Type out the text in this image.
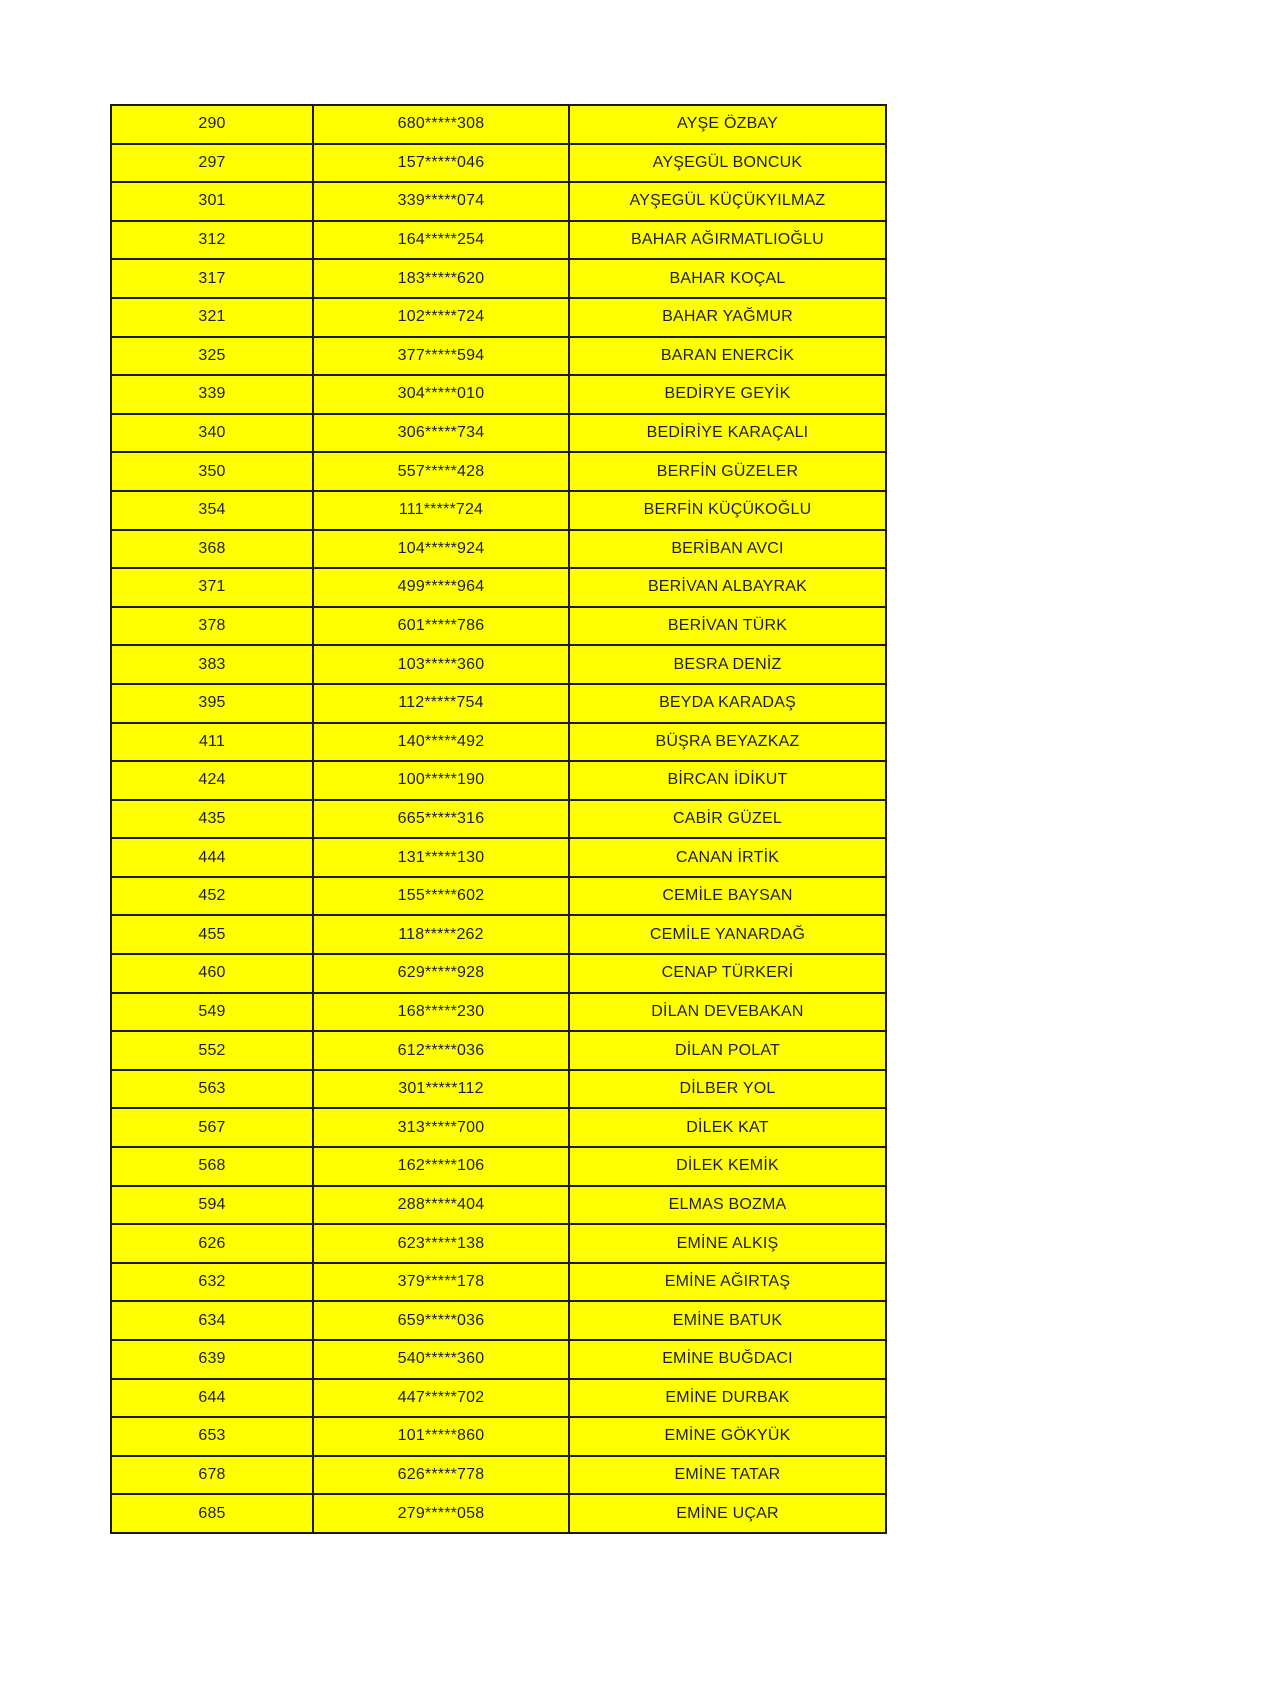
290	680*****308	AYŞE ÖZBAY
297	157*****046	AYŞEGÜL BONCUK
301	339*****074	AYŞEGÜL KÜÇÜKYILMAZ
312	164*****254	BAHAR AĞIRMATLIOĞLU
317	183*****620	BAHAR KOÇAL
321	102*****724	BAHAR YAĞMUR
325	377*****594	BARAN ENERCİK
339	304*****010	BEDİRYE GEYİK
340	306*****734	BEDİRİYE KARAÇALI
350	557*****428	BERFİN GÜZELER
354	111*****724	BERFİN KÜÇÜKOĞLU
368	104*****924	BERİBAN AVCI
371	499*****964	BERİVAN ALBAYRAK
378	601*****786	BERİVAN TÜRK
383	103*****360	BESRA DENİZ
395	112*****754	BEYDA KARADAŞ
411	140*****492	BÜŞRA BEYAZKAZ
424	100*****190	BİRCAN İDİKUT
435	665*****316	CABİR GÜZEL
444	131*****130	CANAN İRTİK
452	155*****602	CEMİLE BAYSAN
455	118*****262	CEMİLE YANARDAĞ
460	629*****928	CENAP TÜRKERİ
549	168*****230	DİLAN DEVEBAKAN
552	612*****036	DİLAN POLAT
563	301*****112	DİLBER YOL
567	313*****700	DİLEK KAT
568	162*****106	DİLEK KEMİK
594	288*****404	ELMAS BOZMA
626	623*****138	EMİNE ALKIŞ
632	379*****178	EMİNE AĞIRTAŞ
634	659*****036	EMİNE BATUK
639	540*****360	EMİNE BUĞDACI
644	447*****702	EMİNE DURBAK
653	101*****860	EMİNE GÖKYÜK
678	626*****778	EMİNE TATAR
685	279*****058	EMİNE UÇAR
